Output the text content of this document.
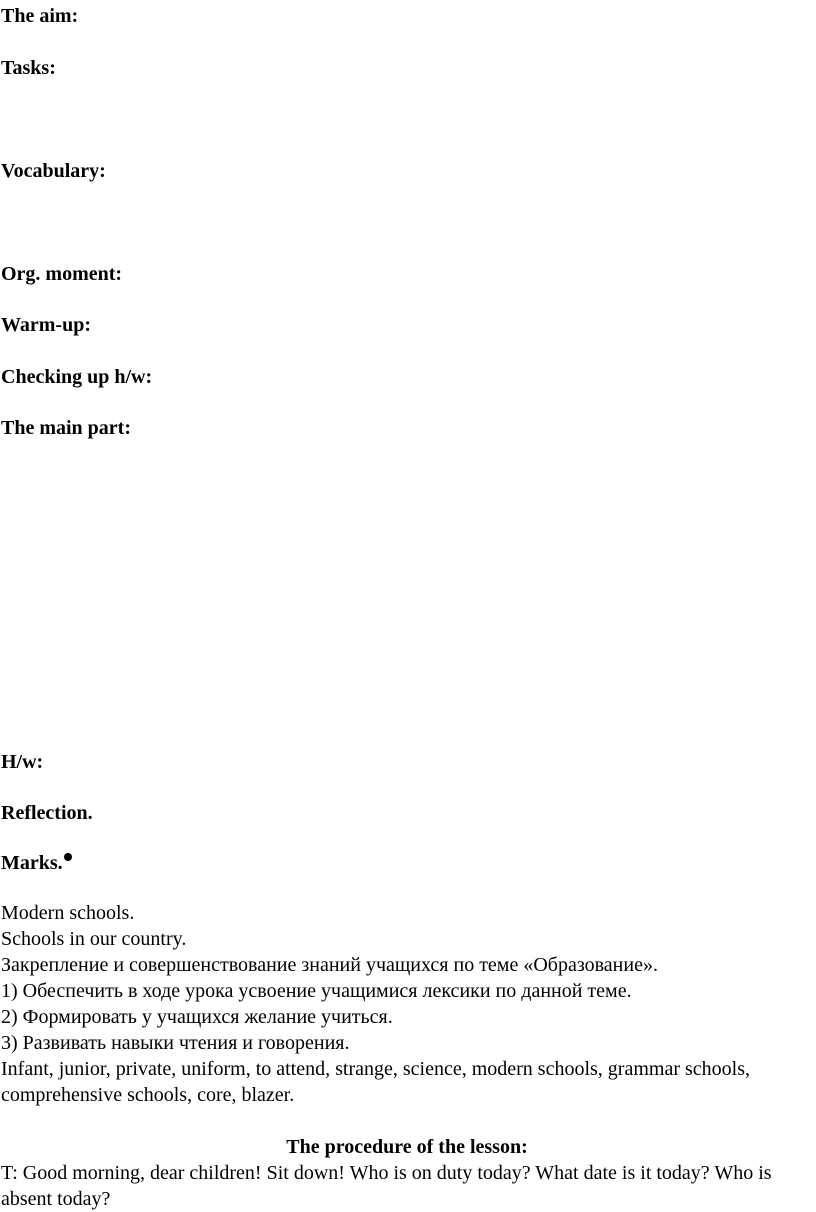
The aim:

Tasks:

Vocabulary:

Org. moment:

Warm-up:

Checking up h/w:

The main part:

H/w:

Reflection.

Marks.

Modern schools.

Schools in our country.

Закрепление и совершенствование знаний учащихся по теме «Образование».

1) Обеспечить в ходе урока усвоение учащимися лексики по данной теме.

2) Формировать у учащихся желание учиться.

3) Развивать навыки чтения и говорения.

Infant, junior, private, uniform, to attend, strange, science, modern schools, grammar schools, comprehensive schools, core, blazer.

The procedure of the lesson:

T: Good morning, dear children! Sit down! Who is on duty today? What date is it today? Who is absent today?
